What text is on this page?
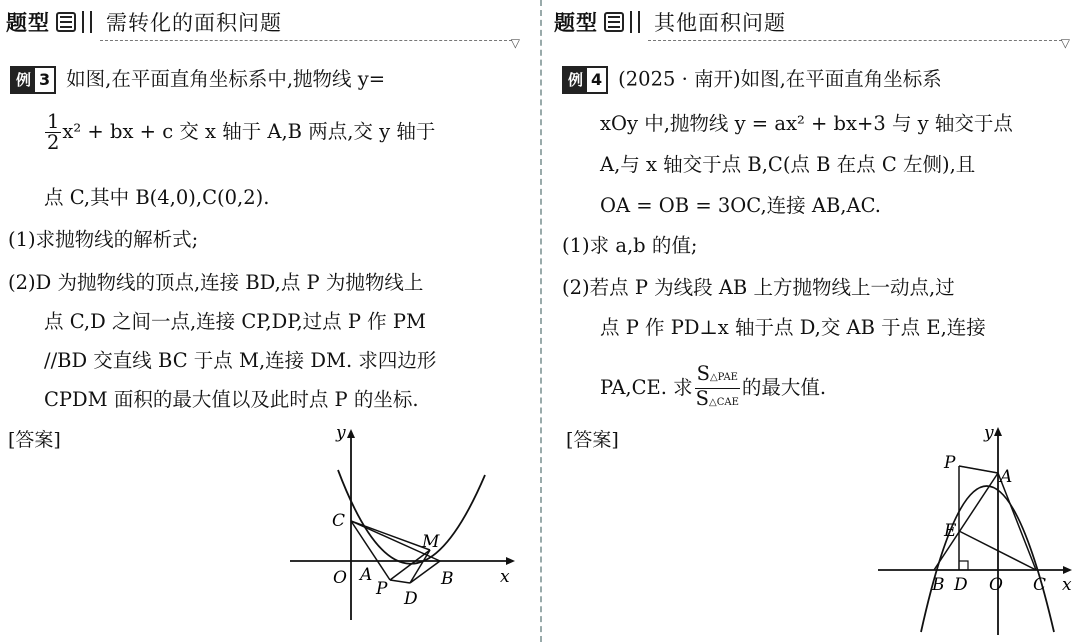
题型	需转化的面积问题
▽
例 3 如图,在平面直角坐标系中,抛物线 y=
$\frac{1}{2} x^2$ + bx + c 交 x 轴于 A,B 两点,交 y 轴于
点 C,其中 B(4,0),C(0,2).
(1)求抛物线的解析式;
(2)D 为抛物线的顶点,连接 BD,点 P 为抛物线上
点 C,D 之间一点,连接 CP,DP,过点 P 作 PM
//BD 交直线 BC 于点 M,连接 DM. 求四边形
CPDM 面积的最大值以及此时点 P 的坐标.
[答案]	y
x
O A	B
C
D
P
M
题型	其他面积问题
▽
例 4 (2025 · 南开)如图,在平面直角坐标系
xOy 中,抛物线 y = ax² + bx+3 与 y 轴交于点
A,与 x 轴交于点 B,C(点 B 在点 C 左侧),且
OA = OB = 3OC,连接 AB,AC.
(1)求 a,b 的值;
(2)若点 P 为线段 AB 上方抛物线上一动点,过
点 P 作 PD⊥x 轴于点 D,交 AB 于点 E,连接
PA,CE. 求 $\frac{\text{S△PAE}}{\text{S△CAE}}$ 的最大值.
[答案]	y
x
O
A
B	C
D
E
P
